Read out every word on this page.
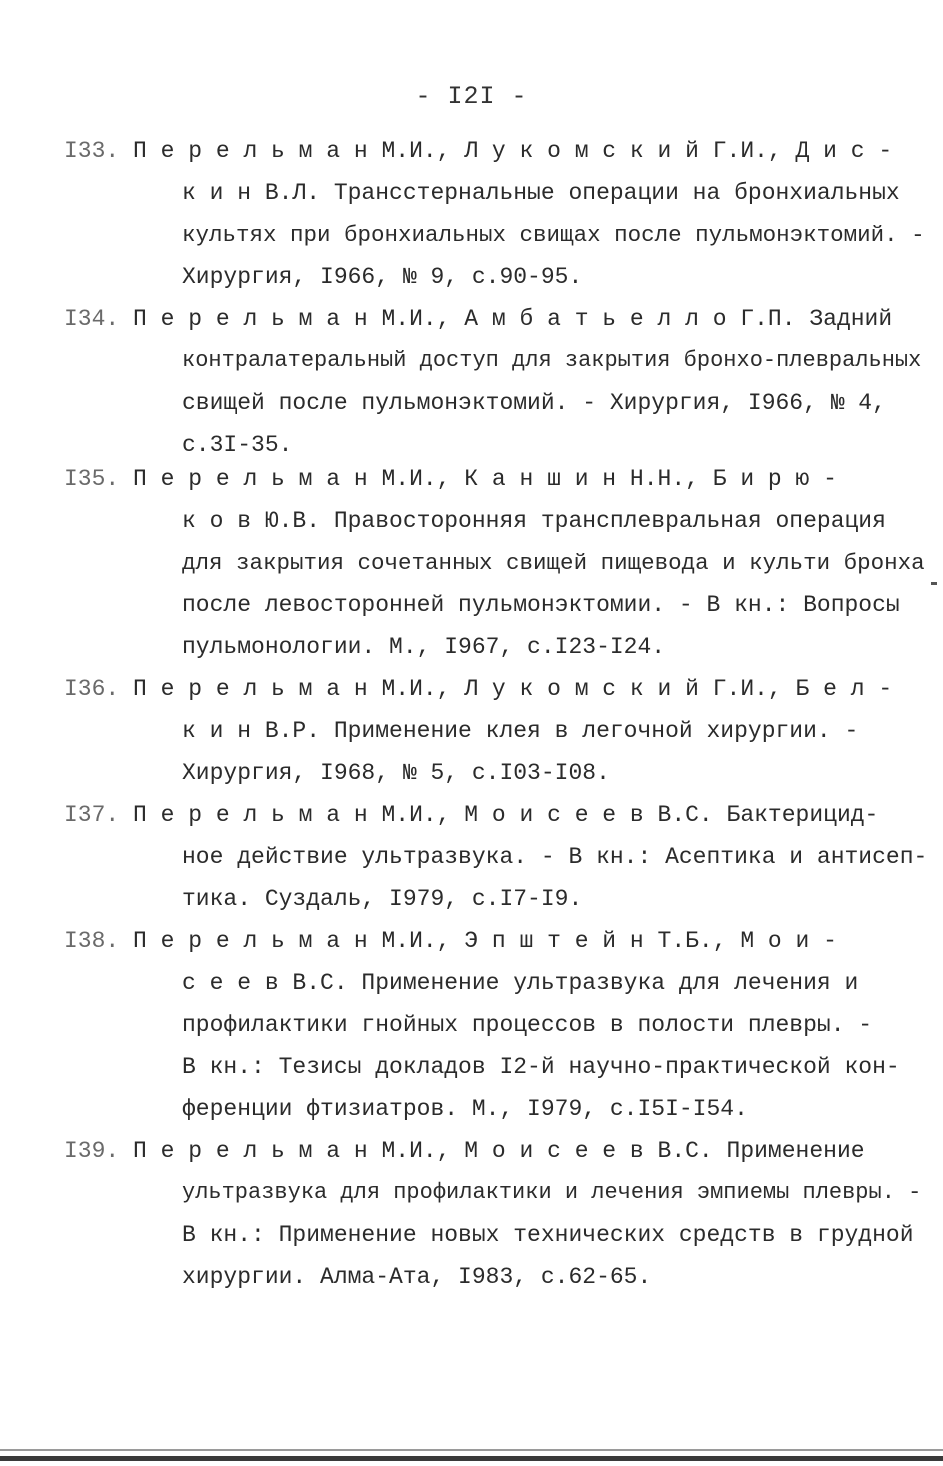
- I2I -
I33. П е р е л ь м а н М.И., Л у к о м с к и й Г.И., Д и с -
к и н В.Л. Трансстернальные операции на бронхиальных
культях при бронхиальных свищах после пульмонэктомий. -
Хирургия, I966, № 9, с.90-95.
I34. П е р е л ь м а н М.И., А м б а т ь е л л о Г.П. Задний
контралатеральный доступ для закрытия бронхо-плевральных
свищей после пульмонэктомий. - Хирургия, I966, № 4,
с.3I-35.
I35. П е р е л ь м а н М.И., К а н ш и н Н.Н., Б и р ю -
к о в Ю.В. Правосторонняя трансплевральная операция
для закрытия сочетанных свищей пищевода и культи бронха
после левосторонней пульмонэктомии. - В кн.: Вопросы
пульмонологии. М., I967, с.I23-I24.
I36. П е р е л ь м а н М.И., Л у к о м с к и й Г.И., Б е л -
к и н В.Р. Применение клея в легочной хирургии. -
Хирургия, I968, № 5, с.I03-I08.
I37. П е р е л ь м а н М.И., М о и с е е в В.С. Бактерицид-
ное действие ультразвука. - В кн.: Асептика и антисеп-
тика. Суздаль, I979, с.I7-I9.
I38. П е р е л ь м а н М.И., Э п ш т е й н Т.Б., М о и -
с е е в В.С. Применение ультразвука для лечения и
профилактики гнойных процессов в полости плевры. -
В кн.: Тезисы докладов I2-й научно-практической кон-
ференции фтизиатров. М., I979, с.I5I-I54.
I39. П е р е л ь м а н М.И., М о и с е е в В.С. Применение
ультразвука для профилактики и лечения эмпиемы плевры. -
В кн.: Применение новых технических средств в грудной
хирургии. Алма-Ата, I983, с.62-65.
